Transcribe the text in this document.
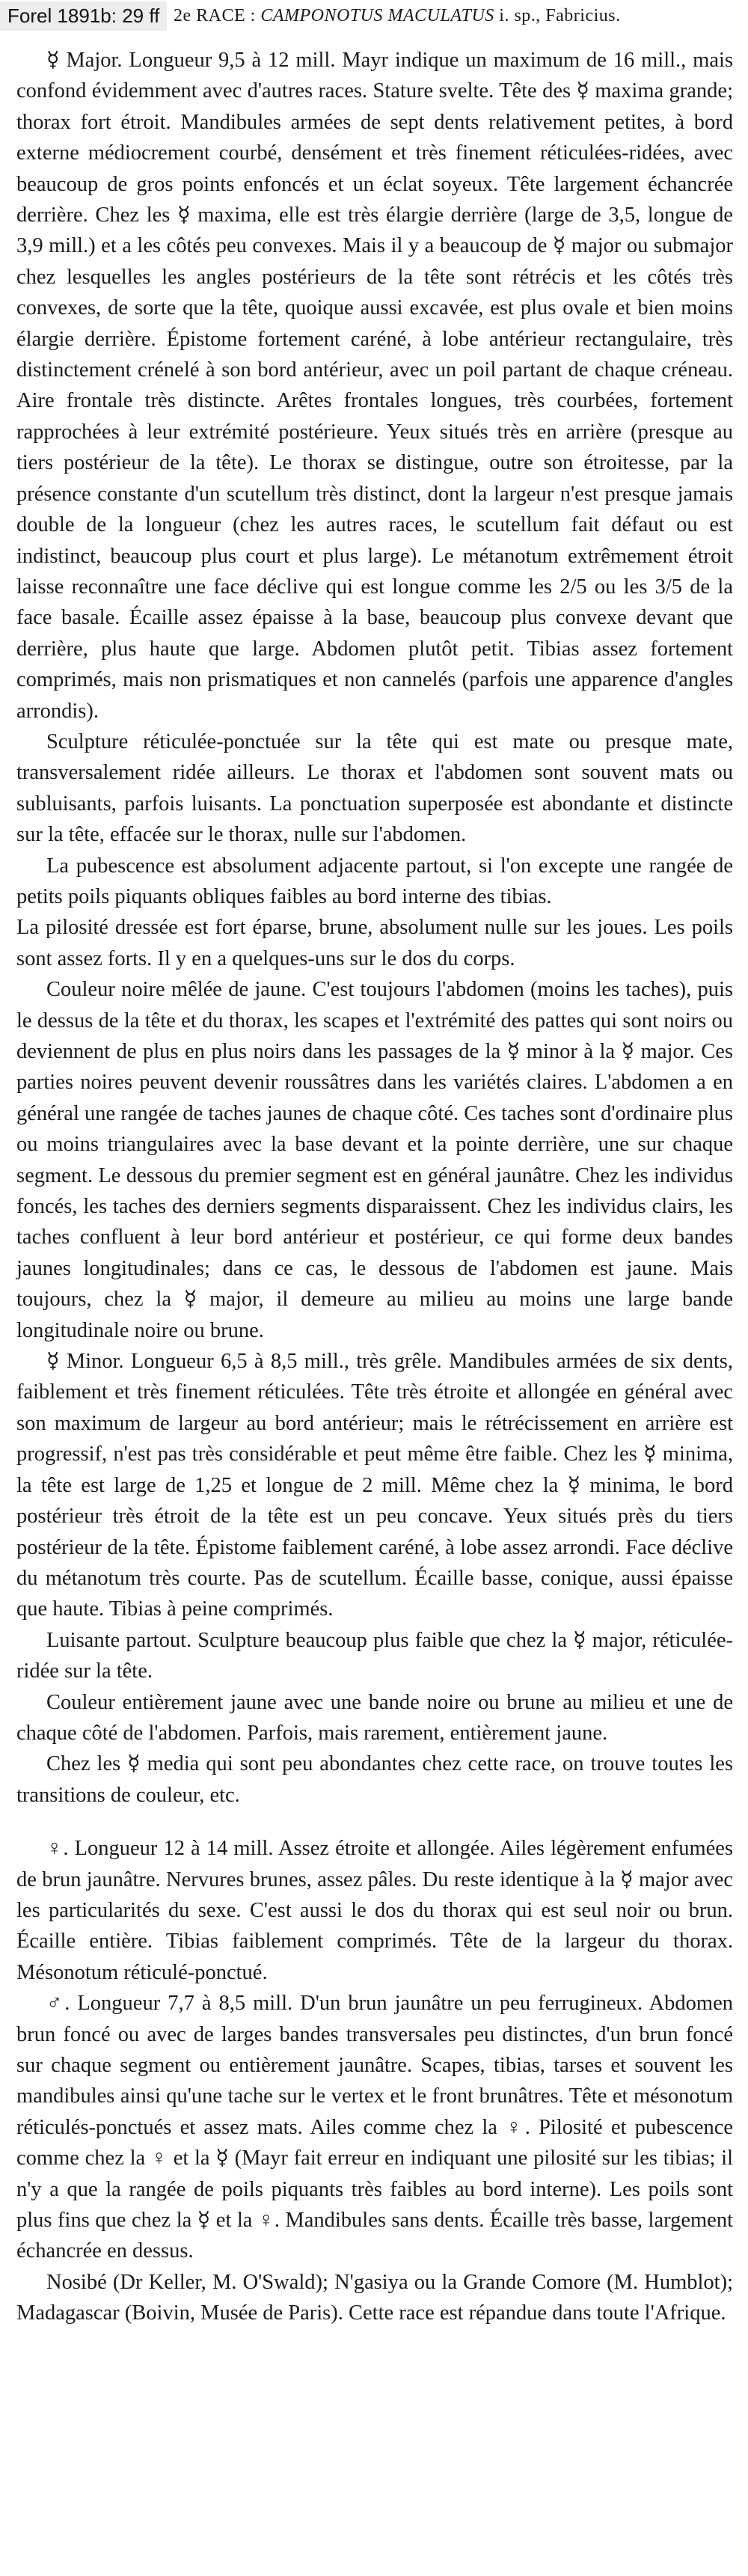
Forel 1891b: 29 ff 2e RACE : CAMPONOTUS MACULATUS i. sp., Fabricius.

☿ Major. Longueur 9,5 à 12 mill. Mayr indique un maximum de 16 mill., mais confond évidemment avec d'autres races. Stature svelte. Tête des ☿ maxima grande; thorax fort étroit. Mandibules armées de sept dents relativement petites, à bord externe médiocrement courbé, densément et très finement réticulées-ridées, avec beaucoup de gros points enfoncés et un éclat soyeux. Tête largement échancrée derrière. Chez les ☿ maxima, elle est très élargie derrière (large de 3,5, longue de 3,9 mill.) et a les côtés peu convexes. Mais il y a beaucoup de ☿ major ou submajor chez lesquelles les angles postérieurs de la tête sont rétrécis et les côtés très convexes, de sorte que la tête, quoique aussi excavée, est plus ovale et bien moins élargie derrière. Épistome fortement caréné, à lobe antérieur rectangulaire, très distinctement crénelé à son bord antérieur, avec un poil partant de chaque créneau. Aire frontale très distincte. Arêtes frontales longues, très courbées, fortement rapprochées à leur extrémité postérieure. Yeux situés très en arrière (presque au tiers postérieur de la tête). Le thorax se distingue, outre son étroitesse, par la présence constante d'un scutellum très distinct, dont la largeur n'est presque jamais double de la longueur (chez les autres races, le scutellum fait défaut ou est indistinct, beaucoup plus court et plus large). Le métanotum extrêmement étroit laisse reconnaître une face déclive qui est longue comme les 2/5 ou les 3/5 de la face basale. Écaille assez épaisse à la base, beaucoup plus convexe devant que derrière, plus haute que large. Abdomen plutôt petit. Tibias assez fortement comprimés, mais non prismatiques et non cannelés (parfois une apparence d'angles arrondis).

Sculpture réticulée-ponctuée sur la tête qui est mate ou presque mate, transversalement ridée ailleurs. Le thorax et l'abdomen sont souvent mats ou subluisants, parfois luisants. La ponctuation superposée est abondante et distincte sur la tête, effacée sur le thorax, nulle sur l'abdomen.

La pubescence est absolument adjacente partout, si l'on excepte une rangée de petits poils piquants obliques faibles au bord interne des tibias.

La pilosité dressée est fort éparse, brune, absolument nulle sur les joues. Les poils sont assez forts. Il y en a quelques-uns sur le dos du corps.

Couleur noire mêlée de jaune. C'est toujours l'abdomen (moins les taches), puis le dessus de la tête et du thorax, les scapes et l'extrémité des pattes qui sont noirs ou deviennent de plus en plus noirs dans les passages de la ☿ minor à la ☿ major. Ces parties noires peuvent devenir roussâtres dans les variétés claires. L'abdomen a en général une rangée de taches jaunes de chaque côté. Ces taches sont d'ordinaire plus ou moins triangulaires avec la base devant et la pointe derrière, une sur chaque segment. Le dessous du premier segment est en général jaunâtre. Chez les individus foncés, les taches des derniers segments disparaissent. Chez les individus clairs, les taches confluent à leur bord antérieur et postérieur, ce qui forme deux bandes jaunes longitudinales; dans ce cas, le dessous de l'abdomen est jaune. Mais toujours, chez la ☿ major, il demeure au milieu au moins une large bande longitudinale noire ou brune.

☿ Minor. Longueur 6,5 à 8,5 mill., très grêle. Mandibules armées de six dents, faiblement et très finement réticulées. Tête très étroite et allongée en général avec son maximum de largeur au bord antérieur; mais le rétrécissement en arrière est progressif, n'est pas très considérable et peut même être faible. Chez les ☿ minima, la tête est large de 1,25 et longue de 2 mill. Même chez la ☿ minima, le bord postérieur très étroit de la tête est un peu concave. Yeux situés près du tiers postérieur de la tête. Épistome faiblement caréné, à lobe assez arrondi. Face déclive du métanotum très courte. Pas de scutellum. Écaille basse, conique, aussi épaisse que haute. Tibias à peine comprimés.

Luisante partout. Sculpture beaucoup plus faible que chez la ☿ major, réticulée-ridée sur la tête.

Couleur entièrement jaune avec une bande noire ou brune au milieu et une de chaque côté de l'abdomen. Parfois, mais rarement, entièrement jaune.

Chez les ☿ media qui sont peu abondantes chez cette race, on trouve toutes les transitions de couleur, etc.

♀. Longueur 12 à 14 mill. Assez étroite et allongée. Ailes légèrement enfumées de brun jaunâtre. Nervures brunes, assez pâles. Du reste identique à la ☿ major avec les particularités du sexe. C'est aussi le dos du thorax qui est seul noir ou brun. Écaille entière. Tibias faiblement comprimés. Tête de la largeur du thorax. Mésonotum réticulé-ponctué.

♂. Longueur 7,7 à 8,5 mill. D'un brun jaunâtre un peu ferrugineux. Abdomen brun foncé ou avec de larges bandes transversales peu distinctes, d'un brun foncé sur chaque segment ou entièrement jaunâtre. Scapes, tibias, tarses et souvent les mandibules ainsi qu'une tache sur le vertex et le front brunâtres. Tête et mésonotum réticulés-ponctués et assez mats. Ailes comme chez la ♀. Pilosité et pubescence comme chez la ♀ et la ☿ (Mayr fait erreur en indiquant une pilosité sur les tibias; il n'y a que la rangée de poils piquants très faibles au bord interne). Les poils sont plus fins que chez la ☿ et la ♀. Mandibules sans dents. Écaille très basse, largement échancrée en dessus.

Nosibé (Dr Keller, M. O'Swald); N'gasiya ou la Grande Comore (M. Humblot); Madagascar (Boivin, Musée de Paris). Cette race est répandue dans toute l'Afrique.
